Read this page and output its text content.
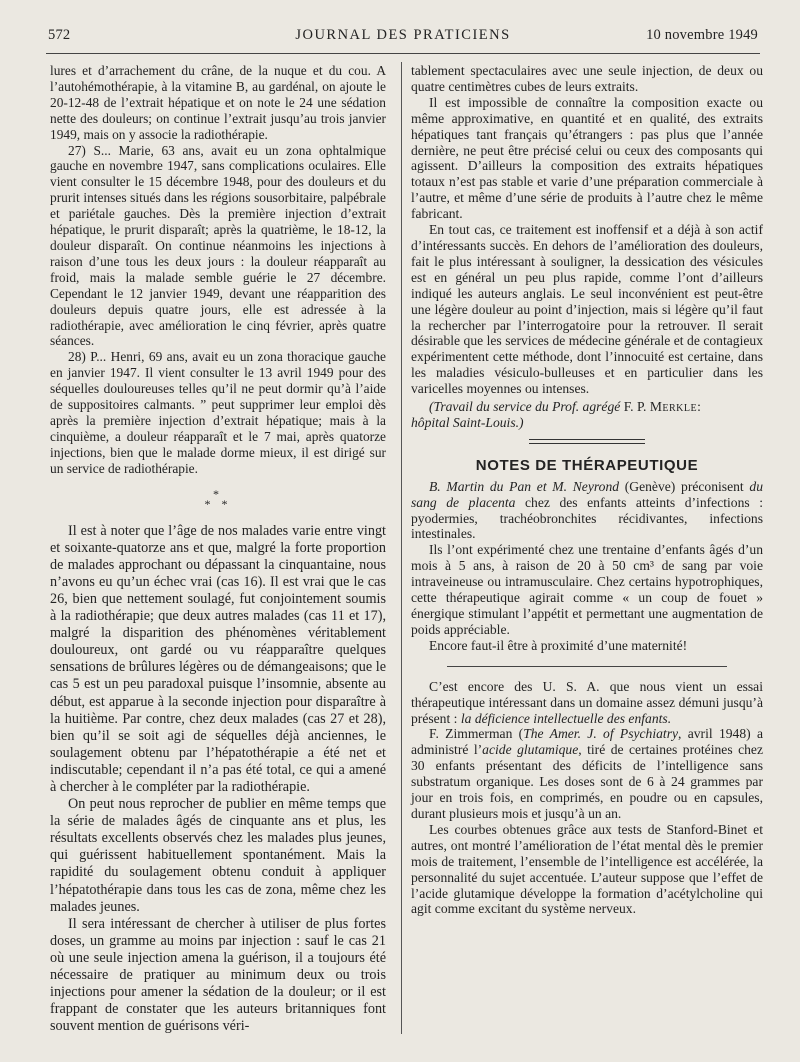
572	JOURNAL DES PRATICIENS	10 novembre 1949

lures et d’arrachement du crâne, de la nuque et du cou. A l’autohémothérapie, à la vitamine B, au gardénal, on ajoute le 20-12-48 de l’extrait hépatique et on note le 24 une sédation nette des douleurs; on continue l’extrait jusqu’au trois janvier 1949, mais on y associe la radiothérapie.

27) S... Marie, 63 ans, avait eu un zona ophtalmique gauche en novembre 1947, sans complications oculaires. Elle vient consulter le 15 décembre 1948, pour des douleurs et du prurit intenses situés dans les régions sousorbitaire, palpébrale et pariétale gauches. Dès la première injection d’extrait hépatique, le prurit disparaît; après la quatrième, le 18-12, la douleur disparaît. On continue néanmoins les injections à raison d’une tous les deux jours : la douleur réapparaît au froid, mais la malade semble guérie le 27 décembre. Cependant le 12 janvier 1949, devant une réapparition des douleurs depuis quatre jours, elle est adressée à la radiothérapie, avec amélioration le cinq février, après quatre séances.

28) P... Henri, 69 ans, avait eu un zona thoracique gauche en janvier 1947. Il vient consulter le 13 avril 1949 pour des séquelles douloureuses telles qu’il ne peut dormir qu’à l’aide de suppositoires calmants. ” peut supprimer leur emploi dès après la première injection d’extrait hépatique; mais à la cinquième, a douleur réapparaît et le 7 mai, après quatorze injections, bien que le malade dorme mieux, il est dirigé sur un service de radiothérapie.

*
* *

Il est à noter que l’âge de nos malades varie entre vingt et soixante-quatorze ans et que, malgré la forte proportion de malades approchant ou dépassant la cinquantaine, nous n’avons eu qu’un échec vrai (cas 16). Il est vrai que le cas 26, bien que nettement soulagé, fut conjointement soumis à la radiothérapie; que deux autres malades (cas 11 et 17), malgré la disparition des phénomènes véritablement douloureux, ont gardé ou vu réapparaître quelques sensations de brûlures légères ou de démangeaisons; que le cas 5 est un peu paradoxal puisque l’insomnie, absente au début, est apparue à la seconde injection pour disparaître à la huitième. Par contre, chez deux malades (cas 27 et 28), bien qu’il se soit agi de séquelles déjà anciennes, le soulagement obtenu par l’hépatothérapie a été net et indiscutable; cependant il n’a pas été total, ce qui a amené à chercher à le compléter par la radiothérapie.

On peut nous reprocher de publier en même temps que la série de malades âgés de cinquante ans et plus, les résultats excellents observés chez les malades plus jeunes, qui guérissent habituellement spontanément. Mais la rapidité du soulagement obtenu conduit à appliquer l’hépatothérapie dans tous les cas de zona, même chez les malades jeunes.

Il sera intéressant de chercher à utiliser de plus fortes doses, un gramme au moins par injection : sauf le cas 21 où une seule injection amena la guérison, il a toujours été nécessaire de pratiquer au minimum deux ou trois injections pour amener la sédation de la douleur; or il est frappant de constater que les auteurs britanniques font souvent mention de guérisons véri-

tablement spectaculaires avec une seule injection, de deux ou quatre centimètres cubes de leurs extraits.

Il est impossible de connaître la composition exacte ou même approximative, en quantité et en qualité, des extraits hépatiques tant français qu’étrangers : pas plus que l’année dernière, ne peut être précisé celui ou ceux des composants qui agissent. D’ailleurs la composition des extraits hépatiques totaux n’est pas stable et varie d’une préparation commerciale à l’autre, et même d’une série de produits à l’autre chez le même fabricant.

En tout cas, ce traitement est inoffensif et a déjà à son actif d’intéressants succès. En dehors de l’amélioration des douleurs, fait le plus intéressant à souligner, la dessication des vésicules est en général un peu plus rapide, comme l’ont d’ailleurs indiqué les auteurs anglais. Le seul inconvénient est peut-être une légère douleur au point d’injection, mais si légère qu’il faut la rechercher par l’interrogatoire pour la retrouver. Il serait désirable que les services de médecine générale et de contagieux expérimentent cette méthode, dont l’innocuité est certaine, dans les maladies vésiculo-bulleuses et en particulier dans les varicelles moyennes ou intenses.

(Travail du service du Prof. agrégé F. P. Merkle:
hôpital Saint-Louis.)

NOTES DE THÉRAPEUTIQUE

B. Martin du Pan et M. Neyrond (Genève) préconisent du sang de placenta chez des enfants atteints d’infections : pyodermies, trachéobronchites récidivantes, infections intestinales.

Ils l’ont expérimenté chez une trentaine d’enfants âgés d’un mois à 5 ans, à raison de 20 à 50 cm³ de sang par voie intraveineuse ou intramusculaire. Chez certains hypotrophiques, cette thérapeutique agirait comme « un coup de fouet » énergique stimulant l’appétit et permettant une augmentation de poids appréciable.

Encore faut-il être à proximité d’une maternité!

C’est encore des U. S. A. que nous vient un essai thérapeutique intéressant dans un domaine assez démuni jusqu’à présent : la déficience intellectuelle des enfants.

F. Zimmerman (The Amer. J. of Psychiatry, avril 1948) a administré l’acide glutamique, tiré de certaines protéines chez 30 enfants présentant des déficits de l’intelligence sans substratum organique. Les doses sont de 6 à 24 grammes par jour en trois fois, en comprimés, en poudre ou en capsules, durant plusieurs mois et jusqu’à un an.

Les courbes obtenues grâce aux tests de Stanford-Binet et autres, ont montré l’amélioration de l’état mental dès le premier mois de traitement, l’ensemble de l’intelligence est accélérée, la personnalité du sujet accentuée. L’auteur suppose que l’effet de l’acide glutamique développe la formation d’acétylcholine qui agit comme excitant du système nerveux.
